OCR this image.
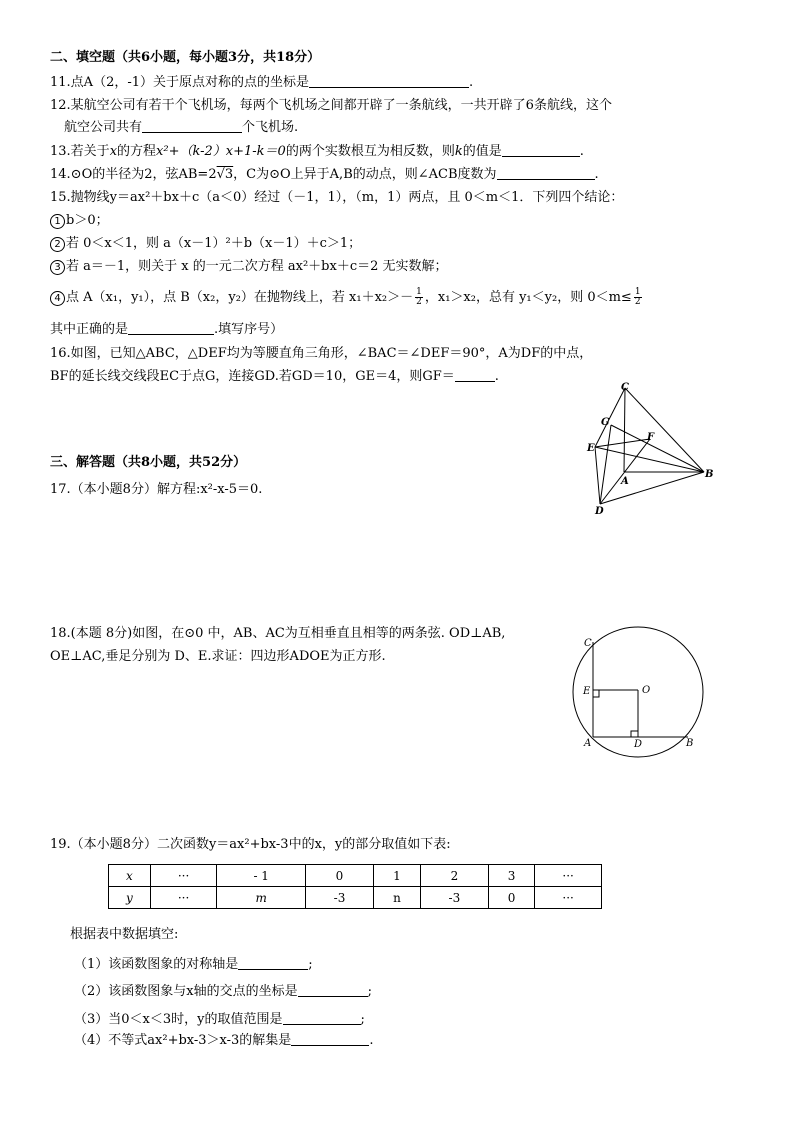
二、填空题（共6小题，每小题3分，共18分）
11.点A（2，-1）关于原点对称的点的坐标是	.
12.某航空公司有若干个飞机场，每两个飞机场之间都开辟了一条航线，一共开辟了6条航线，这个
航空公司共有	个飞机场.
13.若关于x的方程x²+（k-2）x+1-k＝0的两个实数根互为相反数，则k的值是	.
14.⊙O的半径为2，弦AB=2√3，C为⊙O上异于A,B的动点，则∠ACB度数为	.
15.抛物线y＝ax²＋bx＋c（a＜0）经过（－1，1），（m，1）两点，且 0＜m＜1．下列四个结论：
1 b＞0；
2 若 0＜x＜1，则 a（x－1）²＋b（x－1）＋c＞1；
3 若 a＝－1，则关于 x 的一元二次方程 ax²＋bx＋c＝2 无实数解；
4 点 A（x₁，y₁），点 B（x₂，y₂）在抛物线上，若 $x_1+x_2>- \frac{1}{2}$ ，x₁＞x₂，总有 y₁＜y₂，则 $0<m\le \frac{1}{2}$
其中正确的是	.填写序号）
16.如图，已知△ABC，△DEF均为等腰直角三角形，∠BAC＝∠DEF＝90°，A为DF的中点，
BF的延长线交线段EC于点G，连接GD.若GD＝10，GE＝4，则GF＝	.
C
G
E
F
A
B
D
三、解答题（共8小题，共52分）
17.（本小题8分）解方程:x²-x-5＝0.
18.(本题 8分)如图，在⊙0 中，AB、AC为互相垂直且相等的两条弦. OD⊥AB,
OE⊥AC,垂足分别为 D、E.求证：四边形ADOE为正方形.
C
E	O
A	D	B
19.（本小题8分）二次函数y＝ax²+bx-3中的x，y的部分取值如下表:
x	···	- 1	0	1	2	3	···
y	···	m	-3	n	-3	0	···
根据表中数据填空:
（1）该函数图象的对称轴是	;
（2）该函数图象与x轴的交点的坐标是	;
（3）当0＜x＜3时，y的取值范围是	;
（4）不等式ax²+bx-3＞x-3的解集是	.
